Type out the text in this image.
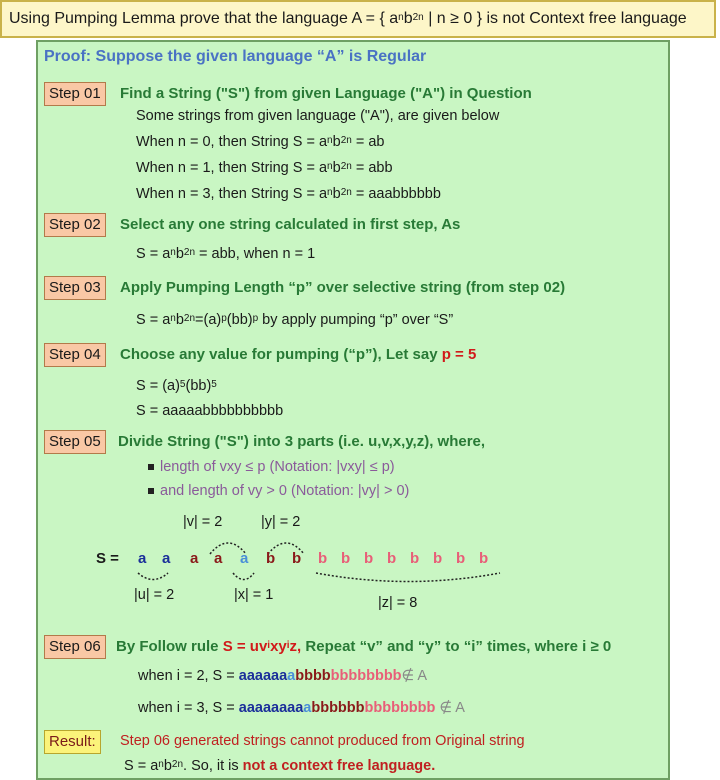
Using Pumping Lemma prove that the language A = { $a^nb^{2n}$ | n ≥ 0 } is not Context free language
Proof: Suppose the given language “A” is Regular
Step 01	Find a String ("S") from given Language ("A") in Question
Some strings from given language ("A"), are given below
When n = 0, then String $S = a^nb^{2n}$ = ab
When n = 1, then String $S = a^nb^{2n}$ = abb
When n = 3, then String $S = a^nb^{2n}$ = aaabbbbbb
Step 02	Select any one string calculated in first step, As
$S = a^nb^{2n}$ = abb, when n = 1
Step 03	Apply Pumping Length “p” over selective string (from step 02)
$S = a^nb^{2n}=(a)^p(bb)^p$ by apply pumping “p” over “S”
Step 04	Choose any value for pumping (“p”), Let say p = 5
$S = (a)^5(bb)^5$
S = aaaaabbbbbbbbbb
Step 05	Divide String ("S") into 3 parts (i.e. u,v,x,y,z), where,
length of vxy ≤ p (Notation: |vxy| ≤ p)
and length of vy > 0 (Notation: |vy| > 0)
|v| = 2	|y| = 2
S = a a a a a b b b b b b b b b b
|u| = 2	|x| = 1	|z| = 8
Step 06	By Follow rule $S = uv^ixy^iz$, Repeat “v” and “y” to “i” times, where i ≥ 0
when i = 2, S = aaaaaaabbbbbbbbbbbb∉ A
when i = 3, S = aaaaaaaaabbbbbbbbbbbbbb ∉ A
Result:	Step 06 generated strings cannot produced from Original string
$S = a^nb^{2n}$. So, it is not a context free language.
